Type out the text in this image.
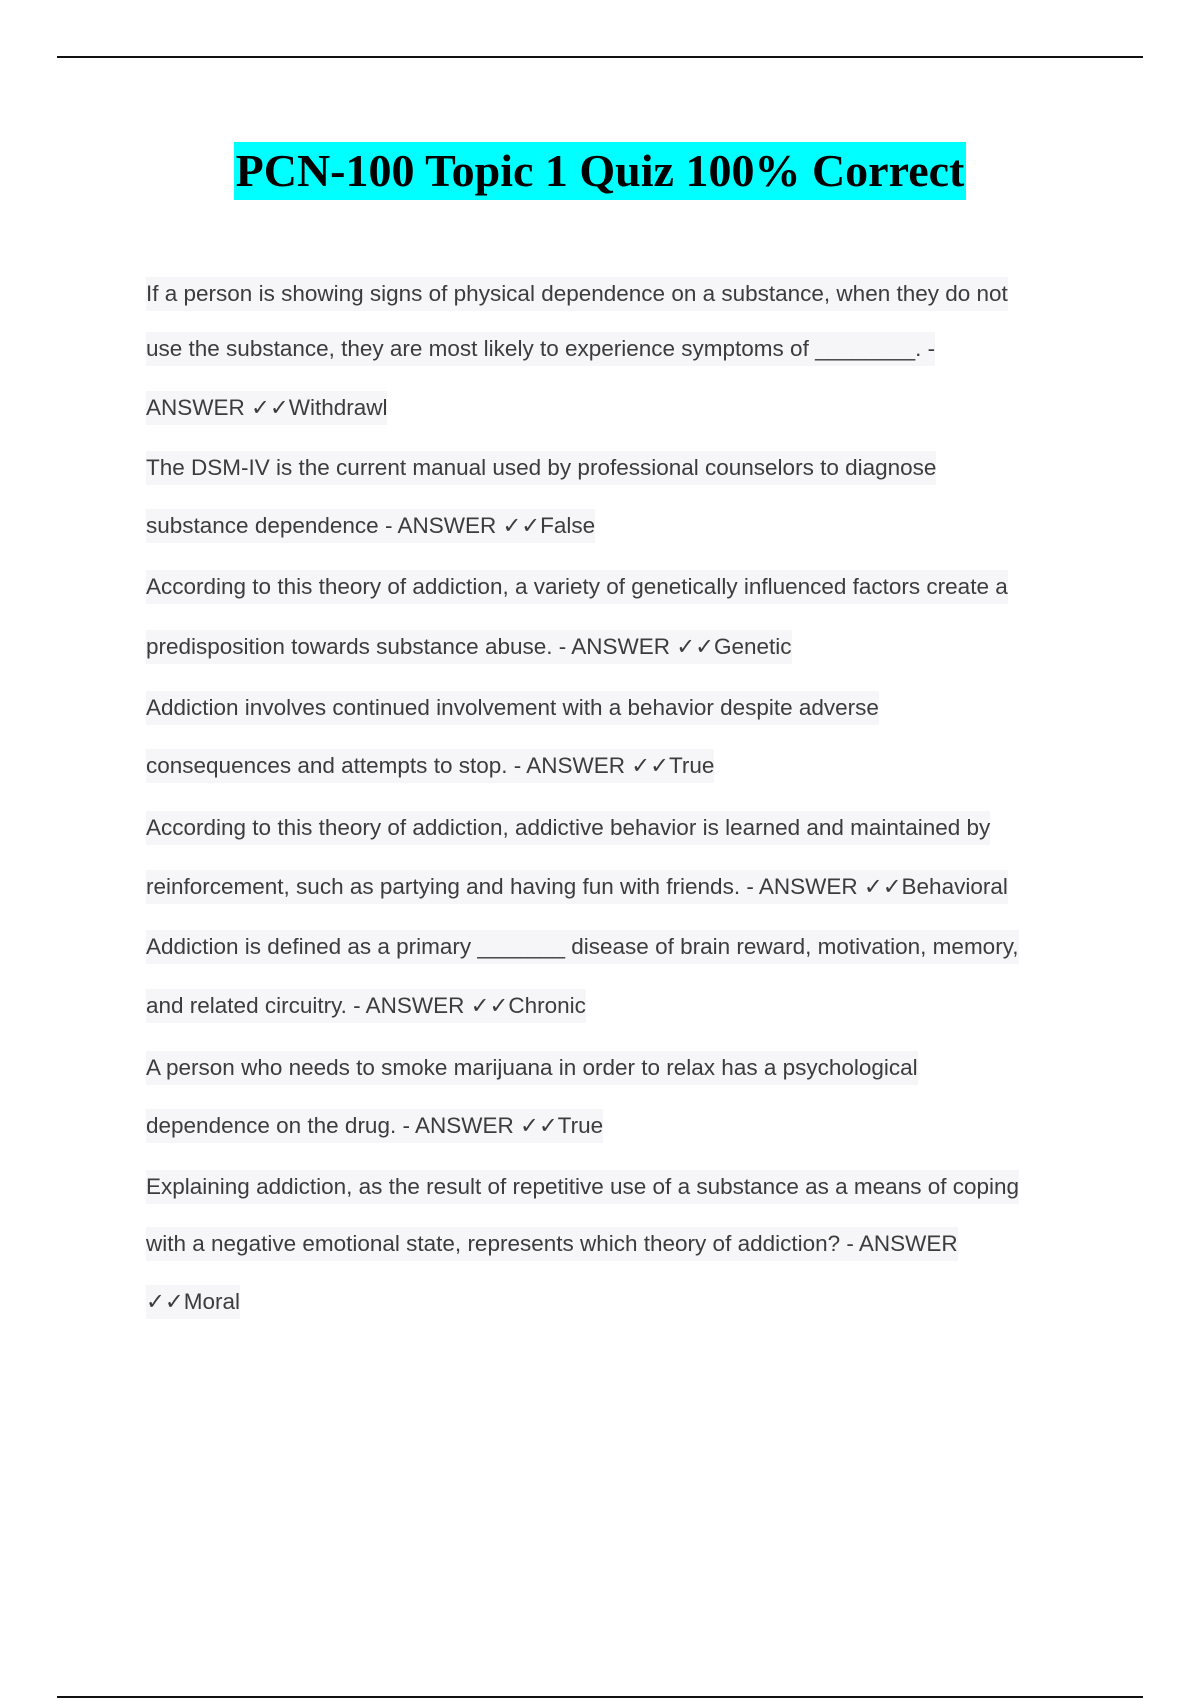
PCN-100 Topic 1 Quiz 100% Correct
If a person is showing signs of physical dependence on a substance, when they do not
use the substance, they are most likely to experience symptoms of ________. -
ANSWER ✓✓Withdrawl
The DSM-IV is the current manual used by professional counselors to diagnose
substance dependence - ANSWER ✓✓False
According to this theory of addiction, a variety of genetically influenced factors create a
predisposition towards substance abuse. - ANSWER ✓✓Genetic
Addiction involves continued involvement with a behavior despite adverse
consequences and attempts to stop. - ANSWER ✓✓True
According to this theory of addiction, addictive behavior is learned and maintained by
reinforcement, such as partying and having fun with friends. - ANSWER ✓✓Behavioral
Addiction is defined as a primary _______ disease of brain reward, motivation, memory,
and related circuitry. - ANSWER ✓✓Chronic
A person who needs to smoke marijuana in order to relax has a psychological
dependence on the drug. - ANSWER ✓✓True
Explaining addiction, as the result of repetitive use of a substance as a means of coping
with a negative emotional state, represents which theory of addiction? - ANSWER
✓✓Moral
